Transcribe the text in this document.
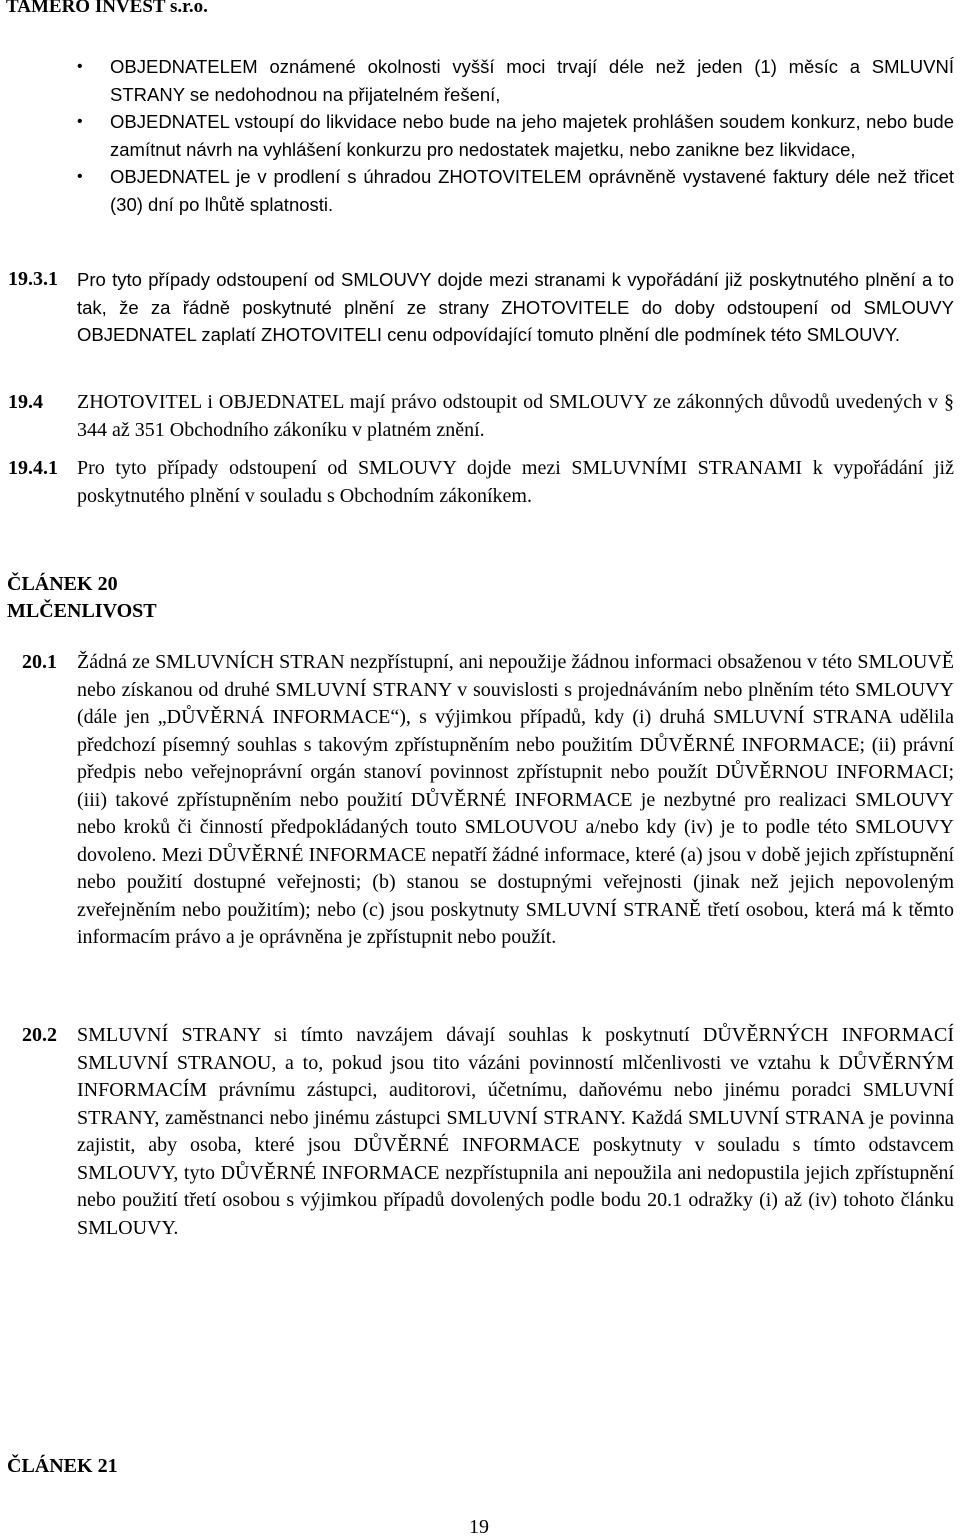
TAMERO INVEST s.r.o.
• OBJEDNATELEM oznámené okolnosti vyšší moci trvají déle než jeden (1) měsíc a SMLUVNÍ STRANY se nedohodnou na přijatelném řešení,
• OBJEDNATEL vstoupí do likvidace nebo bude na jeho majetek prohlášen soudem konkurz, nebo bude zamítnut návrh na vyhlášení konkurzu pro nedostatek majetku, nebo zanikne bez likvidace,
• OBJEDNATEL je v prodlení s úhradou ZHOTOVITELEM oprávněně vystavené faktury déle než třicet (30) dní po lhůtě splatnosti.
19.3.1 Pro tyto případy odstoupení od SMLOUVY dojde mezi stranami k vypořádání již poskytnutého plnění a to tak, že za řádně poskytnuté plnění ze strany ZHOTOVITELE do doby odstoupení od SMLOUVY OBJEDNATEL zaplatí ZHOTOVITELI cenu odpovídající tomuto plnění dle podmínek této SMLOUVY.
19.4 ZHOTOVITEL i OBJEDNATEL mají právo odstoupit od SMLOUVY ze zákonných důvodů uvedených v § 344 až 351 Obchodního zákoníku v platném znění.
19.4.1 Pro tyto případy odstoupení od SMLOUVY dojde mezi SMLUVNÍMI STRANAMI k vypořádání již poskytnutého plnění v souladu s Obchodním zákoníkem.
ČLÁNEK 20
MLČENLIVOST
20.1 Žádná ze SMLUVNÍCH STRAN nezpřístupní, ani nepoužije žádnou informaci obsaženou v této SMLOUVĚ nebo získanou od druhé SMLUVNÍ STRANY v souvislosti s projednáváním nebo plněním této SMLOUVY (dále jen „DŮVĚRNÁ INFORMACE“), s výjimkou případů, kdy (i) druhá SMLUVNÍ STRANA udělila předchozí písemný souhlas s takovým zpřístupněním nebo použitím DŮVĚRNÉ INFORMACE; (ii) právní předpis nebo veřejnoprávní orgán stanoví povinnost zpřístupnit nebo použít DŮVĚRNOU INFORMACI; (iii) takové zpřístupněním nebo použití DŮVĚRNÉ INFORMACE je nezbytné pro realizaci SMLOUVY nebo kroků či činností předpokládaných touto SMLOUVOU a/nebo kdy (iv) je to podle této SMLOUVY dovoleno. Mezi DŮVĚRNÉ INFORMACE nepatří žádné informace, které (a) jsou v době jejich zpřístupnění nebo použití dostupné veřejnosti; (b) stanou se dostupnými veřejnosti (jinak než jejich nepovoleným zveřejněním nebo použitím); nebo (c) jsou poskytnuty SMLUVNÍ STRANĚ třetí osobou, která má k těmto informacím právo a je oprávněna je zpřístupnit nebo použít.
20.2 SMLUVNÍ STRANY si tímto navzájem dávají souhlas k poskytnutí DŮVĚRNÝCH INFORMACÍ SMLUVNÍ STRANOU, a to, pokud jsou tito vázáni povinností mlčenlivosti ve vztahu k DŮVĚRNÝM INFORMACÍM právnímu zástupci, auditorovi, účetnímu, daňovému nebo jinému poradci SMLUVNÍ STRANY, zaměstnanci nebo jinému zástupci SMLUVNÍ STRANY. Každá SMLUVNÍ STRANA je povinna zajistit, aby osoba, které jsou DŮVĚRNÉ INFORMACE poskytnuty v souladu s tímto odstavcem SMLOUVY, tyto DŮVĚRNÉ INFORMACE nezpřístupnila ani nepoužila ani nedopustila jejich zpřístupnění nebo použití třetí osobou s výjimkou případů dovolených podle bodu 20.1 odražky (i) až (iv) tohoto článku SMLOUVY.
ČLÁNEK 21
19
